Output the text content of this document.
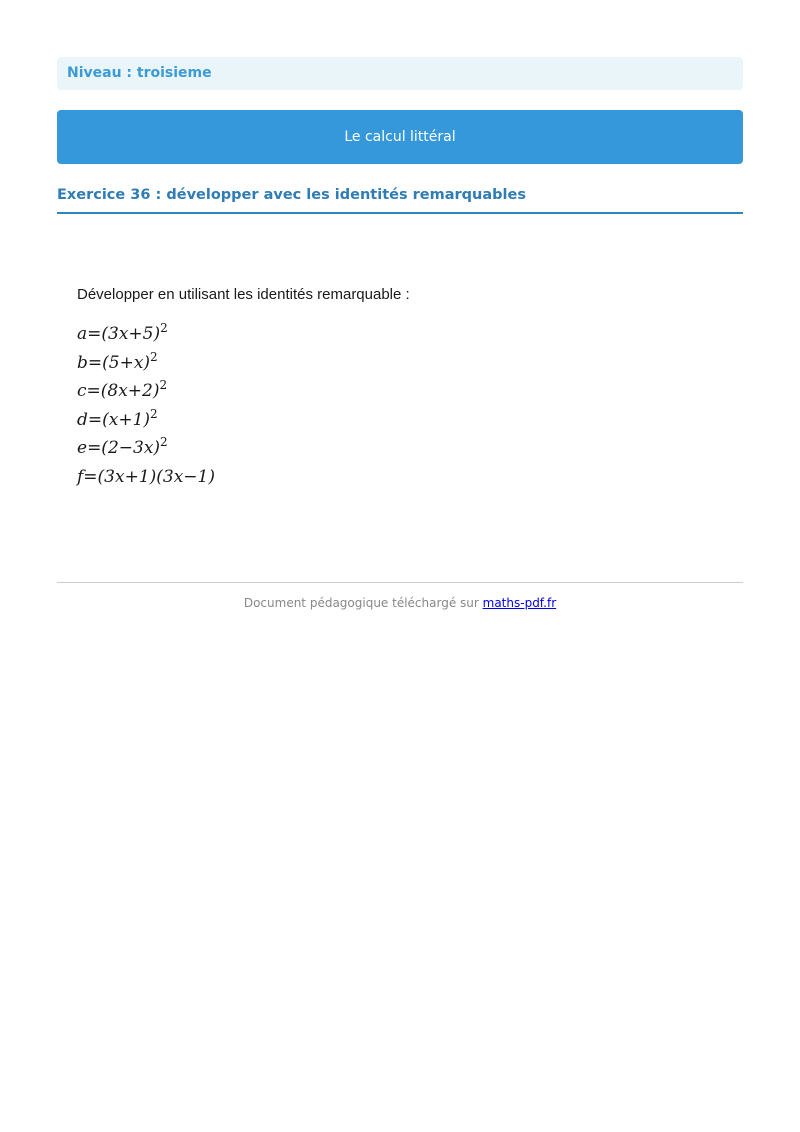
Niveau : troisieme
Le calcul littéral
Exercice 36 : développer avec les identités remarquables
Développer en utilisant les identités remarquable :
$a=(3x+5)^2$
$b=(5+x)^2$
$c=(8x+2)^2$
$d=(x+1)^2$
$e=(2-3x)^2$
f=(3x+1)(3x−1)
Document pédagogique téléchargé sur maths-pdf.fr
